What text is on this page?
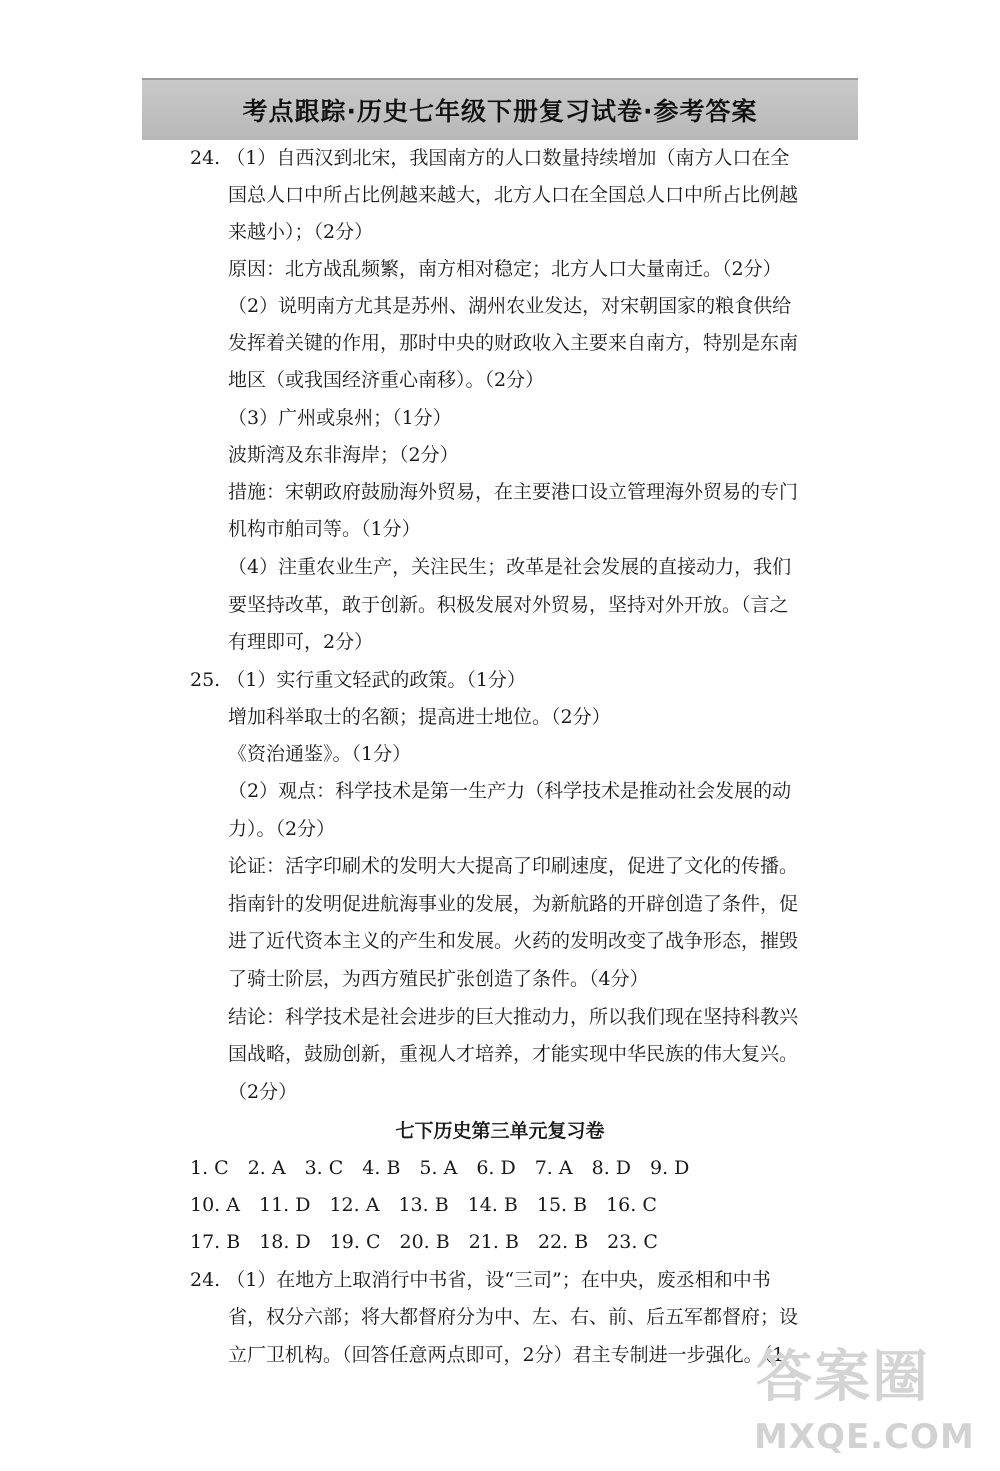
考点跟踪·历史七年级下册复习试卷·参考答案
24. （1）自西汉到北宋，我国南方的人口数量持续增加（南方人口在全
国总人口中所占比例越来越大，北方人口在全国总人口中所占比例越
来越小）；（2分）
原因：北方战乱频繁，南方相对稳定；北方人口大量南迁。（2分）
（2）说明南方尤其是苏州、湖州农业发达，对宋朝国家的粮食供给
发挥着关键的作用，那时中央的财政收入主要来自南方，特别是东南
地区（或我国经济重心南移）。（2分）
（3）广州或泉州；（1分）
波斯湾及东非海岸；（2分）
措施：宋朝政府鼓励海外贸易，在主要港口设立管理海外贸易的专门
机构市舶司等。（1分）
（4）注重农业生产，关注民生；改革是社会发展的直接动力，我们
要坚持改革，敢于创新。积极发展对外贸易，坚持对外开放。（言之
有理即可，2分）
25. （1）实行重文轻武的政策。（1分）
增加科举取士的名额；提高进士地位。（2分）
《资治通鉴》。（1分）
（2）观点：科学技术是第一生产力（科学技术是推动社会发展的动
力）。（2分）
论证：活字印刷术的发明大大提高了印刷速度，促进了文化的传播。
指南针的发明促进航海事业的发展，为新航路的开辟创造了条件，促
进了近代资本主义的产生和发展。火药的发明改变了战争形态，摧毁
了骑士阶层，为西方殖民扩张创造了条件。（4分）
结论：科学技术是社会进步的巨大推动力，所以我们现在坚持科教兴
国战略，鼓励创新，重视人才培养，才能实现中华民族的伟大复兴。
（2分）
七下历史第三单元复习卷
1. C　2. A　3. C　4. B　5. A　6. D　7. A　8. D　9. D
10. A　11. D　12. A　13. B　14. B　15. B　16. C
17. B　18. D　19. C　20. B　21. B　22. B　23. C
24. （1）在地方上取消行中书省，设“三司”；在中央，废丞相和中书
省，权分六部；将大都督府分为中、左、右、前、后五军都督府；设
立厂卫机构。（回答任意两点即可，2分）君主专制进一步强化。（1
答案圈
MXQE.COM
